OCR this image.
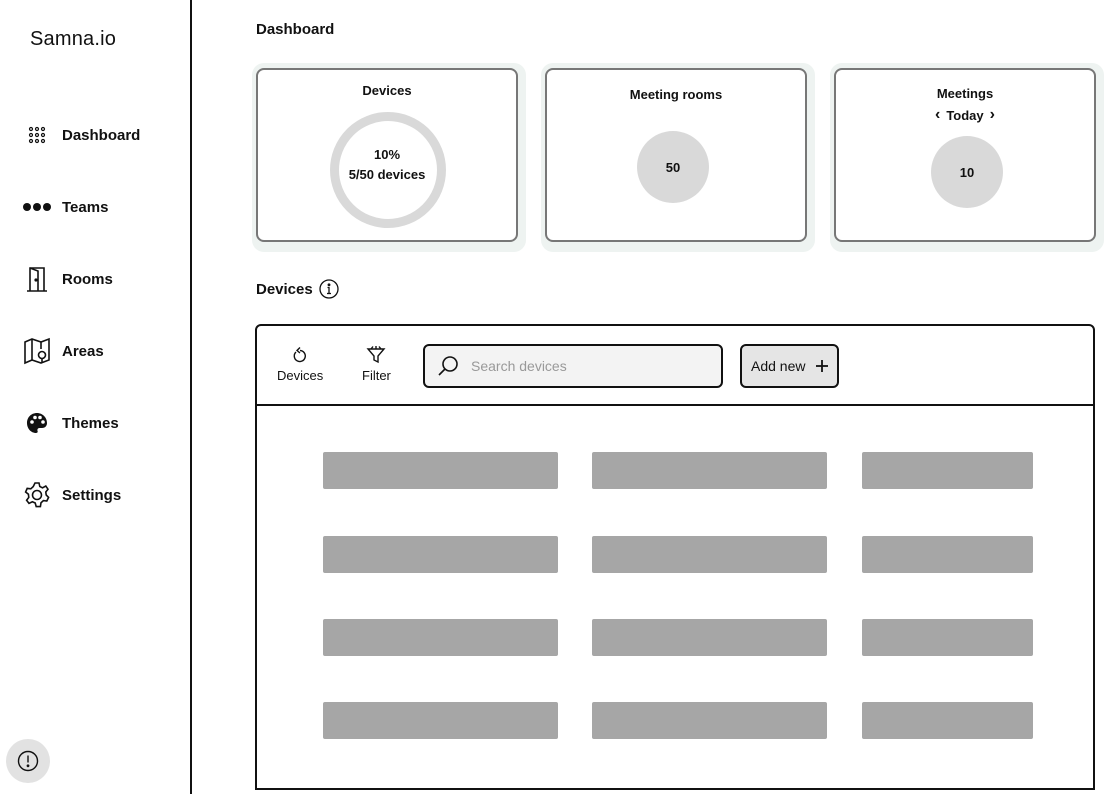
Samna.io
Dashboard
Teams
Rooms
Areas
Themes
Settings
Dashboard
Devices
10%
5/50 devices
Meeting rooms
50
Meetings
‹ Today ›
10
Devices
Devices	Filter
Search devices
Add new
